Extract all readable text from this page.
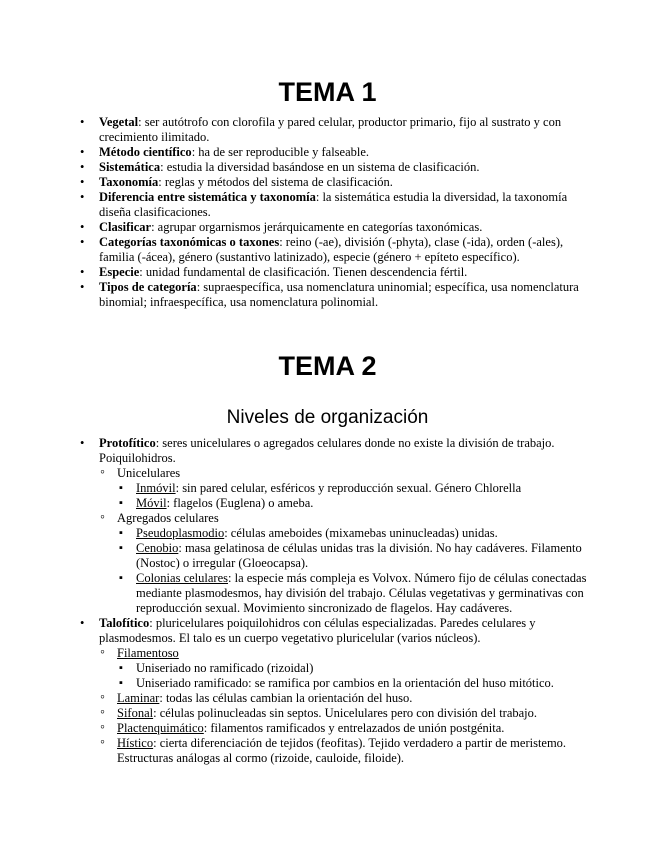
TEMA 1
• Vegetal: ser autótrofo con clorofila y pared celular, productor primario, fijo al sustrato y con crecimiento ilimitado.
• Método científico: ha de ser reproducible y falseable.
• Sistemática: estudia la diversidad basándose en un sistema de clasificación.
• Taxonomía: reglas y métodos del sistema de clasificación.
• Diferencia entre sistemática y taxonomía: la sistemática estudia la diversidad, la taxonomía diseña clasificaciones.
• Clasificar: agrupar orgarnismos jerárquicamente en categorías taxonómicas.
• Categorías taxonómicas o taxones: reino (-ae), división (-phyta), clase (-ida), orden (-ales), familia (-ácea), género (sustantivo latinizado), especie (género + epíteto específico).
• Especie: unidad fundamental de clasificación. Tienen descendencia fértil.
• Tipos de categoría: supraespecífica, usa nomenclatura uninomial; específica, usa nomenclatura binomial; infraespecífica, usa nomenclatura polinomial.
TEMA 2
Niveles de organización
• Protofítico: seres unicelulares o agregados celulares donde no existe la división de trabajo. Poiquilohidros.
◦ Unicelulares
▪ Inmóvil: sin pared celular, esféricos y reproducción sexual. Género Chlorella
▪ Móvil: flagelos (Euglena) o ameba.
◦ Agregados celulares
▪ Pseudoplasmodio: células ameboides (mixamebas uninucleadas) unidas.
▪ Cenobio: masa gelatinosa de células unidas tras la división. No hay cadáveres. Filamento (Nostoc) o irregular (Gloeocapsa).
▪ Colonias celulares: la especie más compleja es Volvox. Número fijo de células conectadas mediante plasmodesmos, hay división del trabajo. Células vegetativas y germinativas con reproducción sexual. Movimiento sincronizado de flagelos. Hay cadáveres.
• Talofítico: pluricelulares poiquilohidros con células especializadas. Paredes celulares y plasmodesmos. El talo es un cuerpo vegetativo pluricelular (varios núcleos).
◦ Filamentoso
▪ Uniseriado no ramificado (rizoidal)
▪ Uniseriado ramificado: se ramifica por cambios en la orientación del huso mitótico.
◦ Laminar: todas las células cambian la orientación del huso.
◦ Sifonal: células polinucleadas sin septos. Unicelulares pero con división del trabajo.
◦ Plactenquimático: filamentos ramificados y entrelazados de unión postgénita.
◦ Hístico: cierta diferenciación de tejidos (feofitas). Tejido verdadero a partir de meristemo. Estructuras análogas al cormo (rizoide, cauloide, filoide).
